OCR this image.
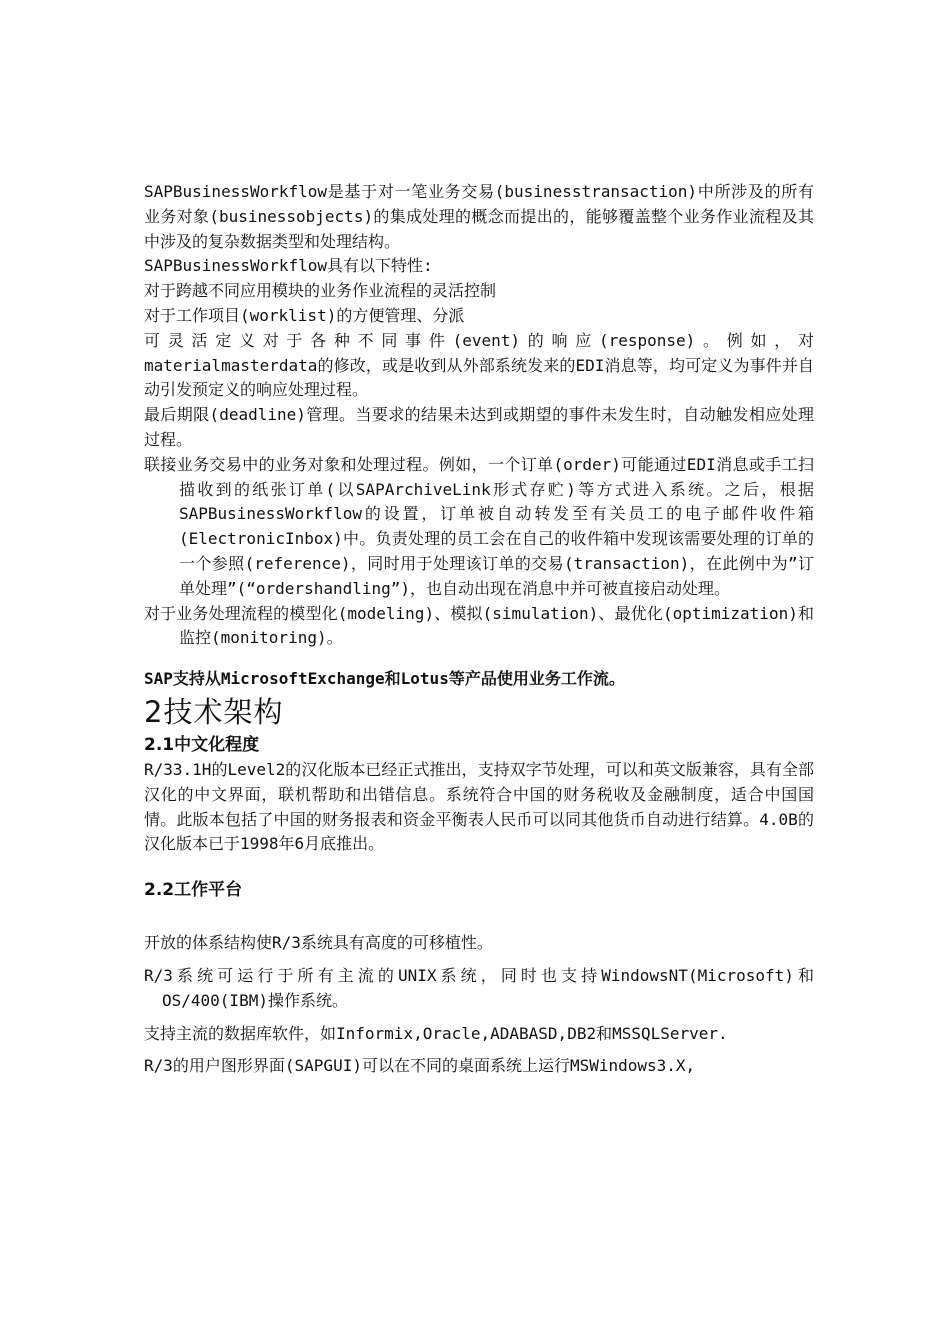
SAPBusinessWorkflow是基于对一笔业务交易(businesstransaction)中所涉及的所有业务对象(businessobjects)的集成处理的概念而提出的，能够覆盖整个业务作业流程及其中涉及的复杂数据类型和处理结构。

SAPBusinessWorkflow具有以下特性:

对于跨越不同应用模块的业务作业流程的灵活控制

对于工作项目(worklist)的方便管理、分派

可灵活定义对于各种不同事件(event)的响应(response)。例如，对materialmasterdata的修改，或是收到从外部系统发来的EDI消息等，均可定义为事件并自动引发预定义的响应处理过程。

最后期限(deadline)管理。当要求的结果未达到或期望的事件未发生时，自动触发相应处理过程。

联接业务交易中的业务对象和处理过程。例如，一个订单(order)可能通过EDI消息或手工扫描收到的纸张订单(以SAPArchiveLink形式存贮)等方式进入系统。之后，根据SAPBusinessWorkflow的设置，订单被自动转发至有关员工的电子邮件收件箱(ElectronicInbox)中。负责处理的员工会在自己的收件箱中发现该需要处理的订单的一个参照(reference)，同时用于处理该订单的交易(transaction)，在此例中为”订单处理”(“ordershandling”)，也自动出现在消息中并可被直接启动处理。

对于业务处理流程的模型化(modeling)、模拟(simulation)、最优化(optimization)和监控(monitoring)。

SAP支持从MicrosoftExchange和Lotus等产品使用业务工作流。

2技术架构
2.1中文化程度

R/33.1H的Level2的汉化版本已经正式推出，支持双字节处理，可以和英文版兼容，具有全部汉化的中文界面，联机帮助和出错信息。系统符合中国的财务税收及金融制度，适合中国国情。此版本包括了中国的财务报表和资金平衡表人民币可以同其他货币自动进行结算。4.0B的汉化版本已于1998年6月底推出。

2.2工作平台

开放的体系结构使R/3系统具有高度的可移植性。

R/3系统可运行于所有主流的UNIX系统，同时也支持WindowsNT(Microsoft)和OS/400(IBM)操作系统。

支持主流的数据库软件，如Informix,Oracle,ADABASD,DB2和MSSQLServer.

R/3的用户图形界面(SAPGUI)可以在不同的桌面系统上运行MSWindows3.X,
